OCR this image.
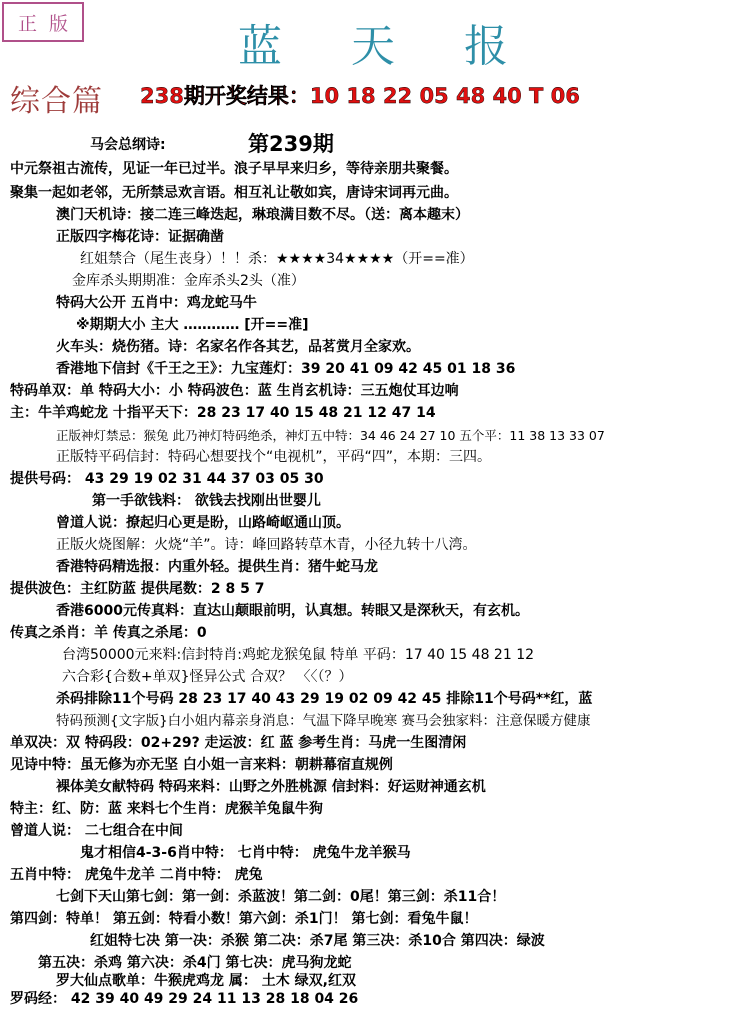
正 版	蓝 天 报
综合篇 238期开奖结果：10 18 22 05 48 40 T 06
第239期
马会总纲诗:
中元祭祖古流传，见证一年已过半。浪子早早来归乡，等待亲朋共聚餐。
聚集一起如老邻，无所禁忌欢言语。相互礼让敬如宾，唐诗宋词再元曲。
澳门天机诗：接二连三峰迭起，琳琅满目数不尽。（送：离本趣末）
正版四字梅花诗：证据确凿
红姐禁合（尾生丧身）！！杀：★★★★34★★★★（开==准）
金库杀头期期准：金库杀头2头（准）
特码大公开 五肖中：鸡龙蛇马牛
※期期大小 主大 ………… [开==准]
火车头：烧伤猪。诗：名家名作各其艺，品茗赏月全家欢。
香港地下信封《千王之王》：九宝莲灯：39 20 41 09 42 45 01 18 36
特码单双：单 特码大小：小 特码波色：蓝 生肖玄机诗：三五炮仗耳边响
主：牛羊鸡蛇龙 十指平天下：28 23 17 40 15 48 21 12 47 14
正版神灯禁忌：猴兔 此乃神灯特码绝杀，神灯五中特：34 46 24 27 10 五个平：11 38 13 33 07
正版特平码信封：特码心想要找个“电视机”，平码“四”，本期：三四。
提供号码： 43 29 19 02 31 44 37 03 05 30
第一手欲钱料： 欲钱去找刚出世婴儿
曾道人说：撩起归心更是盼，山路崎岖通山顶。
正版火烧图解：火烧“羊”。诗：峰回路转草木青，小径九转十八湾。
香港特码精选报：内重外轻。提供生肖：猪牛蛇马龙
提供波色：主红防蓝 提供尾数：2 8 5 7
香港6000元传真料：直达山颠眼前明，认真想。转眼又是深秋天，有玄机。
传真之杀肖：羊 传真之杀尾：0
台湾50000元来料:信封特肖:鸡蛇龙猴兔鼠 特单 平码：17 40 15 48 21 12
六合彩{合数+单双}怪异公式 合双？ 〈〈（？）
杀码排除11个号码 28 23 17 40 43 29 19 02 09 42 45 排除11个号码**红，蓝
特码预测{文字版}白小姐内幕亲身消息：气温下降早晚寒 赛马会独家料：注意保暖方健康
单双决：双 特码段：02+29? 走运波：红 蓝 参考生肖：马虎一生图清闲
见诗中特：虽无修为亦无坚 白小姐一言来料：朝耕幕宿直规例
裸体美女献特码 特码来料：山野之外胜桃源 信封料：好运财神通玄机
特主：红、防：蓝 来料七个生肖：虎猴羊兔鼠牛狗
曾道人说： 二七组合在中间
鬼才相信4-3-6肖中特： 七肖中特： 虎兔牛龙羊猴马
五肖中特： 虎兔牛龙羊 二肖中特： 虎兔
七剑下天山第七剑：第一剑：杀蓝波！第二剑：0尾！第三剑：杀11合！
第四剑：特单！ 第五剑：特看小数！第六剑：杀1门！ 第七剑：看兔牛鼠！
红姐特七决 第一决：杀猴 第二决：杀7尾 第三决：杀10合 第四决：绿波
第五决：杀鸡 第六决：杀4门 第七决：虎马狗龙蛇
罗大仙点歌单：牛猴虎鸡龙 属： 土木 绿双,红双
罗码经： 42 39 40 49 29 24 11 13 28 18 04 26
